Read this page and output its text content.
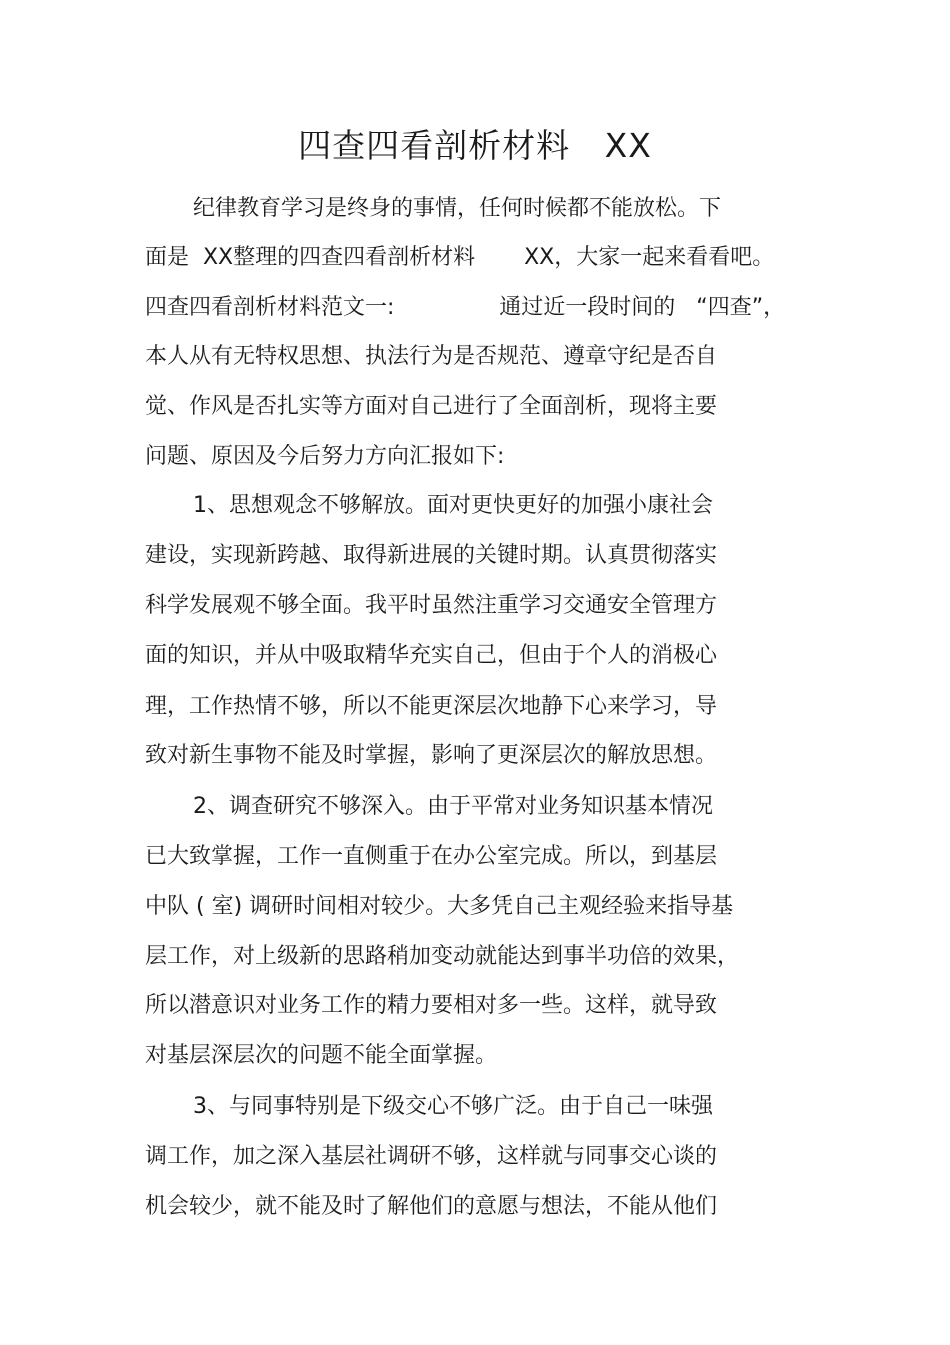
四查四看剖析材料   XX

纪律教育学习是终身的事情，任何时候都不能放松。下

面是  XX整理的四查四看剖析材料       XX，大家一起来看看吧。

四查四看剖析材料范文一:               通过近一段时间的   “四查”，

本人从有无特权思想、执法行为是否规范、遵章守纪是否自

觉、作风是否扎实等方面对自己进行了全面剖析，现将主要

问题、原因及今后努力方向汇报如下:

1、思想观念不够解放。面对更快更好的加强小康社会

建设，实现新跨越、取得新进展的关键时期。认真贯彻落实

科学发展观不够全面。我平时虽然注重学习交通安全管理方

面的知识，并从中吸取精华充实自己，但由于个人的消极心

理，工作热情不够，所以不能更深层次地静下心来学习，导

致对新生事物不能及时掌握，影响了更深层次的解放思想。

2、调查研究不够深入。由于平常对业务知识基本情况

已大致掌握，工作一直侧重于在办公室完成。所以，到基层

中队 ( 室) 调研时间相对较少。大多凭自己主观经验来指导基

层工作，对上级新的思路稍加变动就能达到事半功倍的效果，

所以潜意识对业务工作的精力要相对多一些。这样，就导致

对基层深层次的问题不能全面掌握。

3、与同事特别是下级交心不够广泛。由于自己一味强

调工作，加之深入基层社调研不够，这样就与同事交心谈的

机会较少，就不能及时了解他们的意愿与想法，不能从他们
